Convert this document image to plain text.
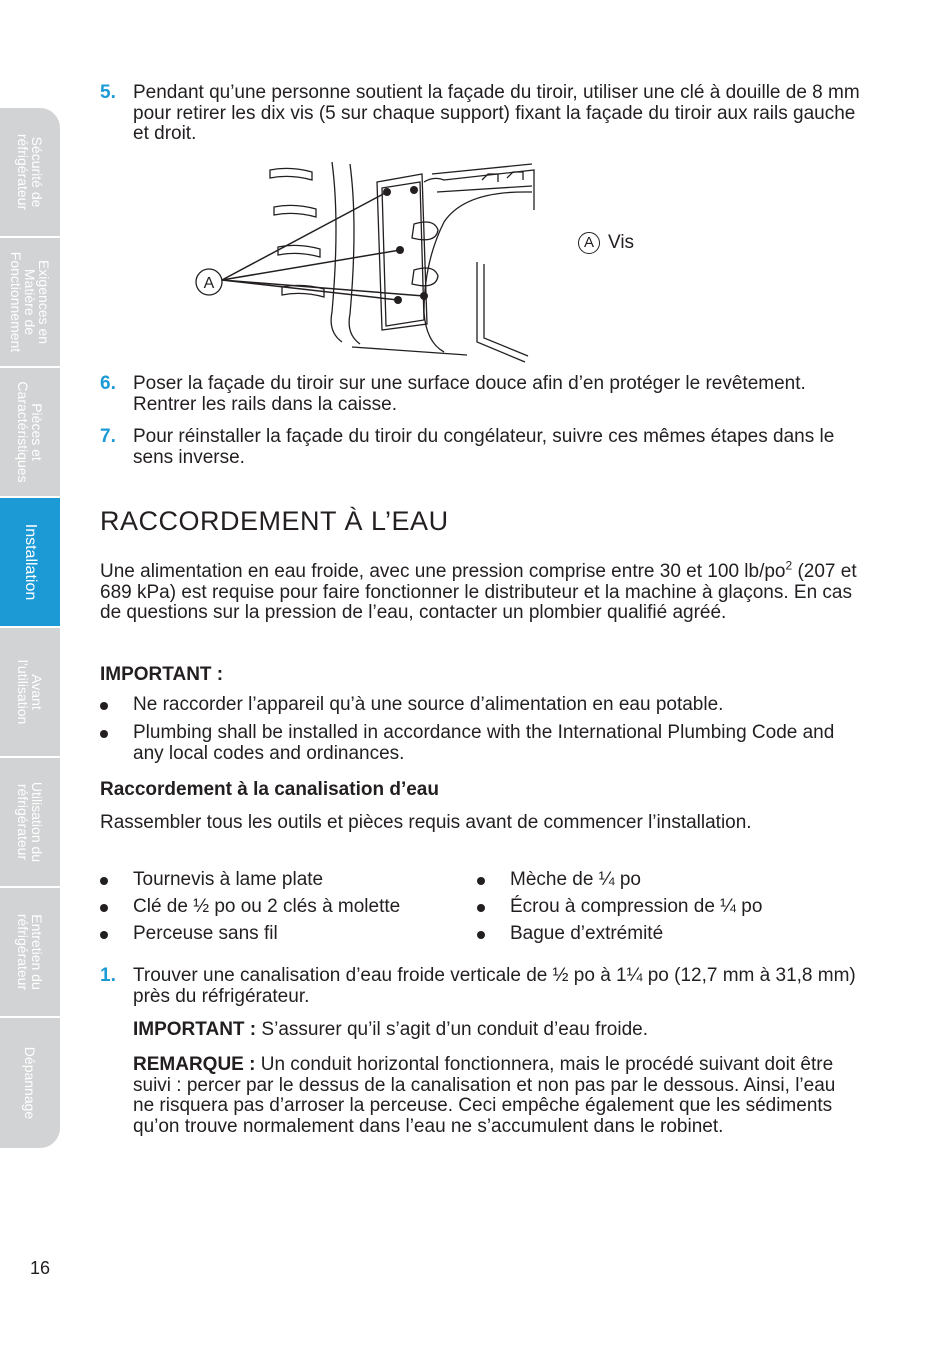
Sécurité de
réfrigérateur
Exigences en
Matière de
Fonctionnement
Pièces et
Caractéristiques
Installation
Avant
l’utilisation
Utilisation du
réfrigérateur
Entretien du
réfrigérateur
Dépannage
5. Pendant qu’une personne soutient la façade du tiroir, utiliser une clé à douille de 8 mm pour retirer les dix vis (5 sur chaque support) fixant la façade du tiroir aux rails gauche et droit.
A
A Vis
6. Poser la façade du tiroir sur une surface douce afin d’en protéger le revêtement. Rentrer les rails dans la caisse.
7. Pour réinstaller la façade du tiroir du congélateur, suivre ces mêmes étapes dans le sens inverse.
RACCORDEMENT À L’EAU
Une alimentation en eau froide, avec une pression comprise entre 30 et 100 $lb/po^2$ (207 et 689 kPa) est requise pour faire fonctionner le distributeur et la machine à glaçons. En cas de questions sur la pression de l’eau, contacter un plombier qualifié agréé.
IMPORTANT :
Ne raccorder l’appareil qu’à une source d’alimentation en eau potable.
Plumbing shall be installed in accordance with the International Plumbing Code and any local codes and ordinances.
Raccordement à la canalisation d’eau
Rassembler tous les outils et pièces requis avant de commencer l’installation.
Tournevis à lame plate
Clé de ½ po ou 2 clés à molette
Perceuse sans fil
Mèche de ¼ po
Écrou à compression de ¼ po
Bague d’extrémité
1. Trouver une canalisation d’eau froide verticale de ½ po à 1¼ po (12,7 mm à 31,8 mm) près du réfrigérateur.
IMPORTANT : S’assurer qu’il s’agit d’un conduit d’eau froide.
REMARQUE : Un conduit horizontal fonctionnera, mais le procédé suivant doit être suivi : percer par le dessus de la canalisation et non pas par le dessous. Ainsi, l’eau ne risquera pas d’arroser la perceuse. Ceci empêche également que les sédiments qu’on trouve normalement dans l’eau ne s’accumulent dans le robinet.
16
